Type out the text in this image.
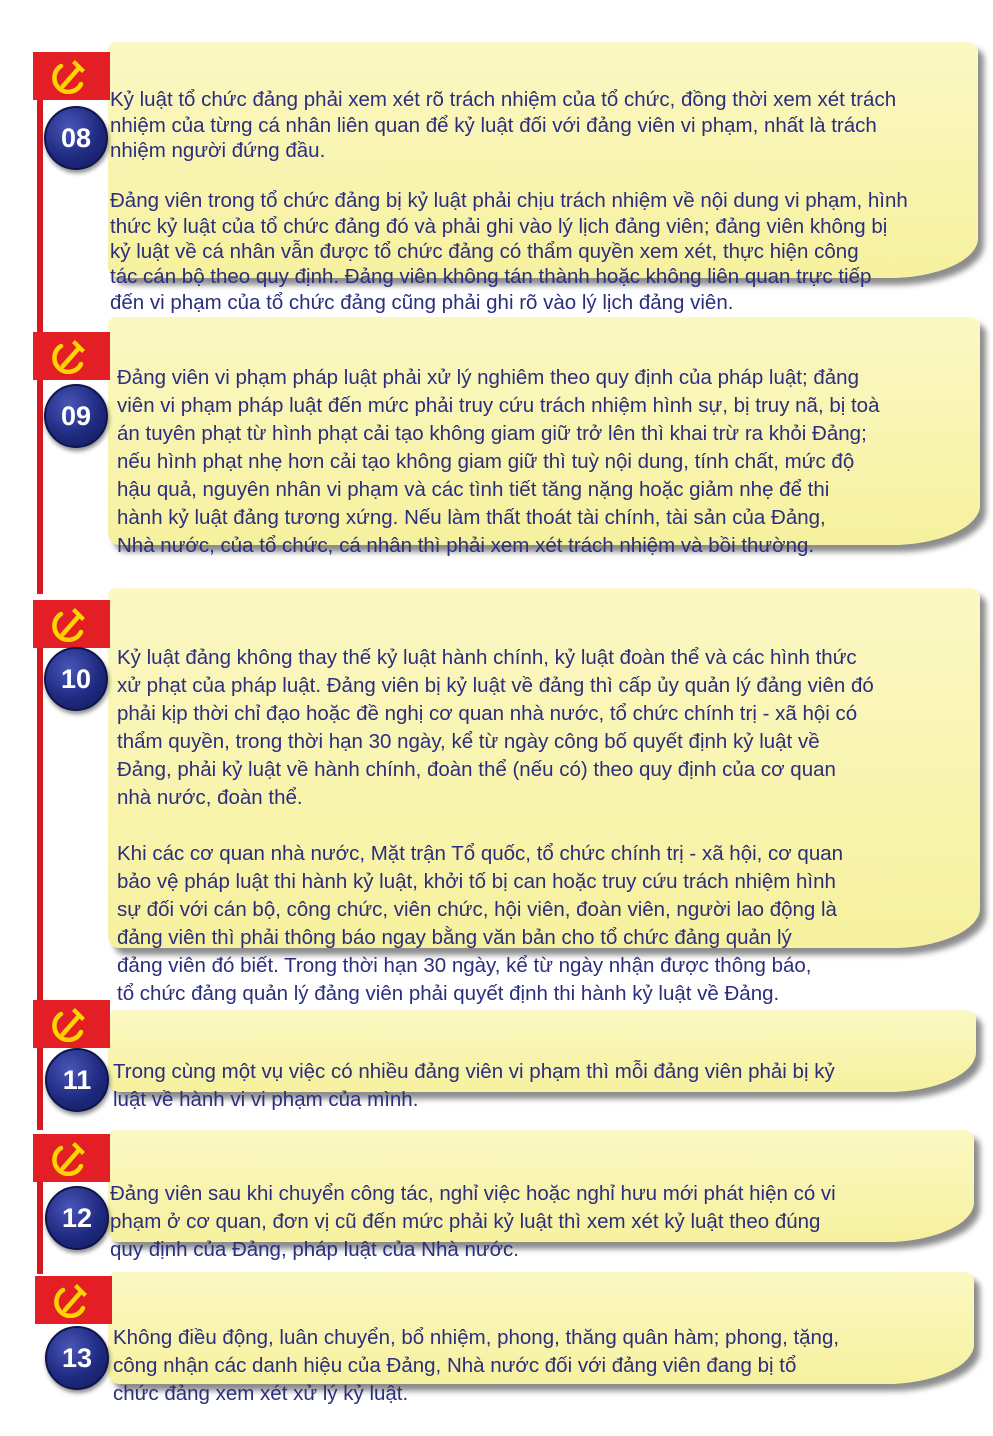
08

Kỷ luật tổ chức đảng phải xem xét rõ trách nhiệm của tổ chức, đồng thời xem xét trách
nhiệm của từng cá nhân liên quan để kỷ luật đối với đảng viên vi phạm, nhất là trách
nhiệm người đứng đầu.

Đảng viên trong tổ chức đảng bị kỷ luật phải chịu trách nhiệm về nội dung vi phạm, hình
thức kỷ luật của tổ chức đảng đó và phải ghi vào lý lịch đảng viên; đảng viên không bị
kỷ luật về cá nhân vẫn được tổ chức đảng có thẩm quyền xem xét, thực hiện công
tác cán bộ theo quy định. Đảng viên không tán thành hoặc không liên quan trực tiếp
đến vi phạm của tổ chức đảng cũng phải ghi rõ vào lý lịch đảng viên.

09

Đảng viên vi phạm pháp luật phải xử lý nghiêm theo quy định của pháp luật; đảng
viên vi phạm pháp luật đến mức phải truy cứu trách nhiệm hình sự, bị truy nã, bị toà
án tuyên phạt từ hình phạt cải tạo không giam giữ trở lên thì khai trừ ra khỏi Đảng;
nếu hình phạt nhẹ hơn cải tạo không giam giữ thì tuỳ nội dung, tính chất, mức độ
hậu quả, nguyên nhân vi phạm và các tình tiết tăng nặng hoặc giảm nhẹ để thi
hành kỷ luật đảng tương xứng. Nếu làm thất thoát tài chính, tài sản của Đảng,
Nhà nước, của tổ chức, cá nhân thì phải xem xét trách nhiệm và bồi thường.

10

Kỷ luật đảng không thay thế kỷ luật hành chính, kỷ luật đoàn thể và các hình thức
xử phạt của pháp luật. Đảng viên bị kỷ luật về đảng thì cấp ủy quản lý đảng viên đó
phải kịp thời chỉ đạo hoặc đề nghị cơ quan nhà nước, tổ chức chính trị - xã hội có
thẩm quyền, trong thời hạn 30 ngày, kể từ ngày công bố quyết định kỷ luật về
Đảng, phải kỷ luật về hành chính, đoàn thể (nếu có) theo quy định của cơ quan
nhà nước, đoàn thể.

Khi các cơ quan nhà nước, Mặt trận Tổ quốc, tổ chức chính trị - xã hội, cơ quan
bảo vệ pháp luật thi hành kỷ luật, khởi tố bị can hoặc truy cứu trách nhiệm hình
sự đối với cán bộ, công chức, viên chức, hội viên, đoàn viên, người lao động là
đảng viên thì phải thông báo ngay bằng văn bản cho tổ chức đảng quản lý
đảng viên đó biết. Trong thời hạn 30 ngày, kể từ ngày nhận được thông báo,
tổ chức đảng quản lý đảng viên phải quyết định thi hành kỷ luật về Đảng.

11 Trong cùng một vụ việc có nhiều đảng viên vi phạm thì mỗi đảng viên phải bị kỷ
luật về hành vi vi phạm của mình.

12

Đảng viên sau khi chuyển công tác, nghỉ việc hoặc nghỉ hưu mới phát hiện có vi
phạm ở cơ quan, đơn vị cũ đến mức phải kỷ luật thì xem xét kỷ luật theo đúng
quy định của Đảng, pháp luật của Nhà nước.

13

Không điều động, luân chuyển, bổ nhiệm, phong, thăng quân hàm; phong, tặng,
công nhận các danh hiệu của Đảng, Nhà nước đối với đảng viên đang bị tổ
chức đảng xem xét xử lý kỷ luật.
